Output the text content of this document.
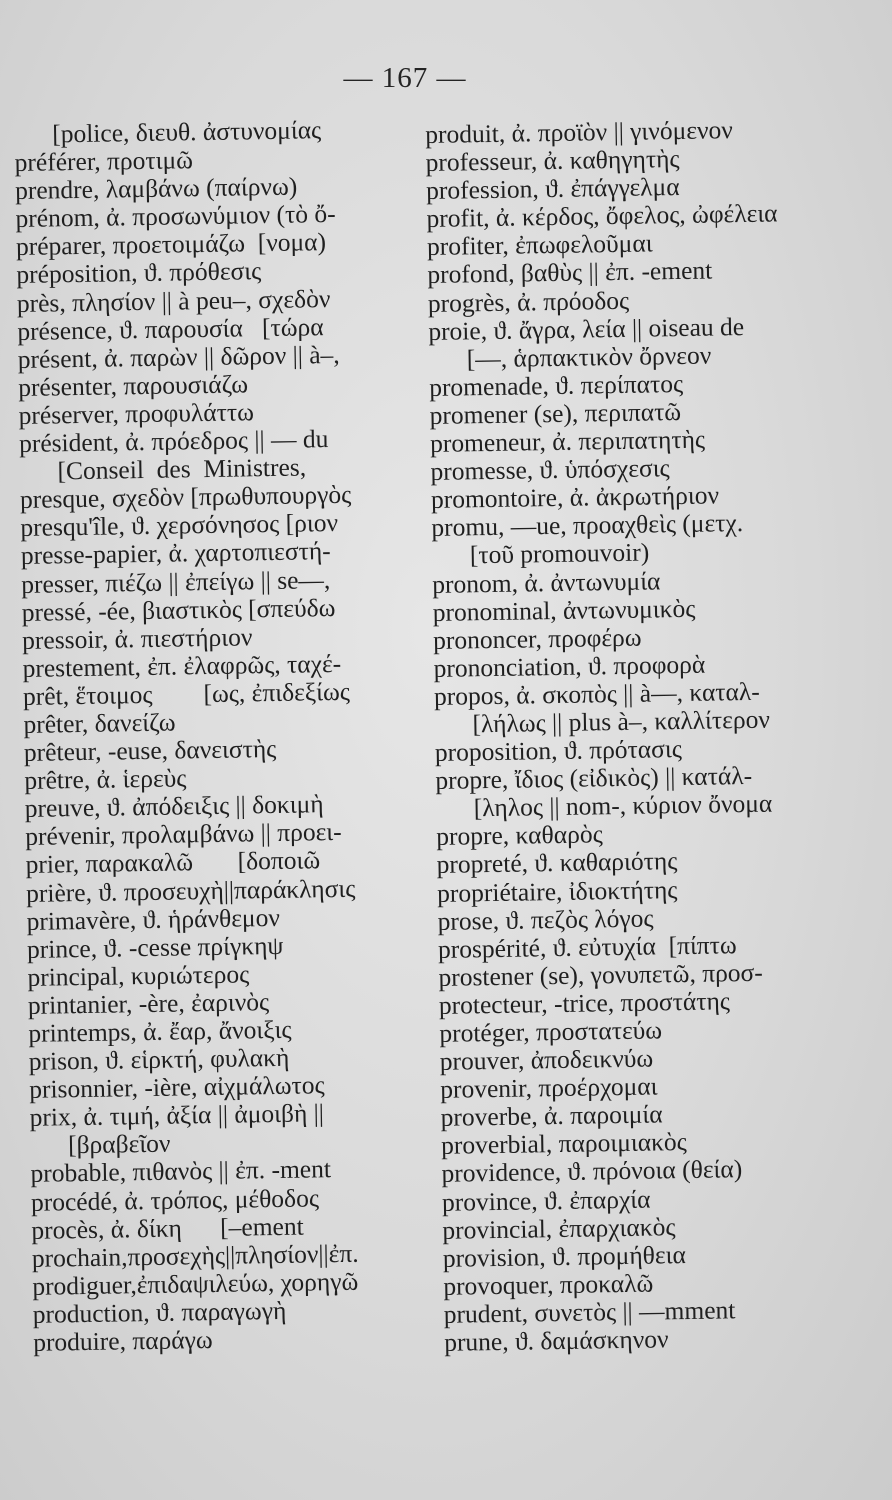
— 167 —
[police, διευθ. ἀστυνομίας
préférer, προτιμῶ
prendre, λαμβάνω (παίρνω)
prénom, ἀ. προσωνύμιον (τὸ ὄ-
préparer, προετοιμάζω  [νομα)
préposition, ϑ. πρόθεσις
près, πλησίον || à peu–, σχεδὸν
présence, ϑ. παρουσία   [τώρα
présent, ἀ. παρὼν || δῶρον || à–,
présenter, παρουσιάζω
préserver, προφυλάττω
président, ἀ. πρόεδρος || — du
[Conseil  des  Ministres,
presque, σχεδὸν [πρωθυπουργὸς
presqu'île, ϑ. χερσόνησος [ριον
presse-papier, ἀ. χαρτοπιεστή-
presser, πιέζω || ἐπείγω || se—,
pressé, -ée, βιαστικὸς [σπεύδω
pressoir, ἀ. πιεστήριον
prestement, ἐπ. ἐλαφρῶς, ταχέ-
prêt, ἕτοιμος        [ως, ἐπιδεξίως
prêter, δανείζω
prêteur, -euse, δανειστὴς
prêtre, ἀ. ἱερεὺς
preuve, ϑ. ἀπόδειξις || δοκιμὴ
prévenir, προλαμβάνω || προει-
prier, παρακαλῶ       [δοποιῶ
prière, ϑ. προσευχὴ||παράκλησις
primavère, ϑ. ἡράνθεμον
prince, ϑ. -cesse πρίγκηψ
principal, κυριώτερος
printanier, -ère, ἐαρινὸς
printemps, ἀ. ἔαρ, ἄνοιξις
prison, ϑ. εἱρκτή, φυλακὴ
prisonnier, -ière, αἰχμάλωτος
prix, ἀ. τιμή, ἀξία || ἀμοιβὴ ||
[βραβεῖον
probable, πιθανὸς || ἐπ. -ment
procédé, ἀ. τρόπος, μέθοδος
procès, ἀ. δίκη      [–ement
prochain,προσεχὴς||πλησίον||ἐπ.
prodiguer,ἐπιδαψιλεύω, χορηγῶ
production, ϑ. παραγωγὴ
produire, παράγω
produit, ἀ. προϊὸν || γινόμενον
professeur, ἀ. καθηγητὴς
profession, ϑ. ἐπάγγελμα
profit, ἀ. κέρδος, ὄφελος, ὠφέλεια
profiter, ἐπωφελοῦμαι
profond, βαθὺς || ἐπ. -ement
progrès, ἀ. πρόοδος
proie, ϑ. ἄγρα, λεία || oiseau de
[—, ἁρπακτικὸν ὄρνεον
promenade, ϑ. περίπατος
promener (se), περιπατῶ
promeneur, ἀ. περιπατητὴς
promesse, ϑ. ὑπόσχεσις
promontoire, ἀ. ἀκρωτήριον
promu, —ue, προαχθεὶς (μετχ.
[τοῦ promouvoir)
pronom, ἀ. ἀντωνυμία
pronominal, ἀντωνυμικὸς
prononcer, προφέρω
prononciation, ϑ. προφορὰ
propos, ἀ. σκοπὸς || à—, καταλ-
[λήλως || plus à–, καλλίτερον
proposition, ϑ. πρότασις
propre, ἴδιος (εἰδικὸς) || κατάλ-
[ληλος || nom-, κύριον ὄνομα
propre, καθαρὸς
propreté, ϑ. καθαριότης
propriétaire, ἰδιοκτήτης
prose, ϑ. πεζὸς λόγος
prospérité, ϑ. εὐτυχία  [πίπτω
prostener (se), γονυπετῶ, προσ-
protecteur, -trice, προστάτης
protéger, προστατεύω
prouver, ἀποδεικνύω
provenir, προέρχομαι
proverbe, ἀ. παροιμία
proverbial, παροιμιακὸς
providence, ϑ. πρόνοια (θεία)
province, ϑ. ἐπαρχία
provincial, ἐπαρχιακὸς
provision, ϑ. προμήθεια
provoquer, προκαλῶ
prudent, συνετὸς || —mment
prune, ϑ. δαμάσκηνον
